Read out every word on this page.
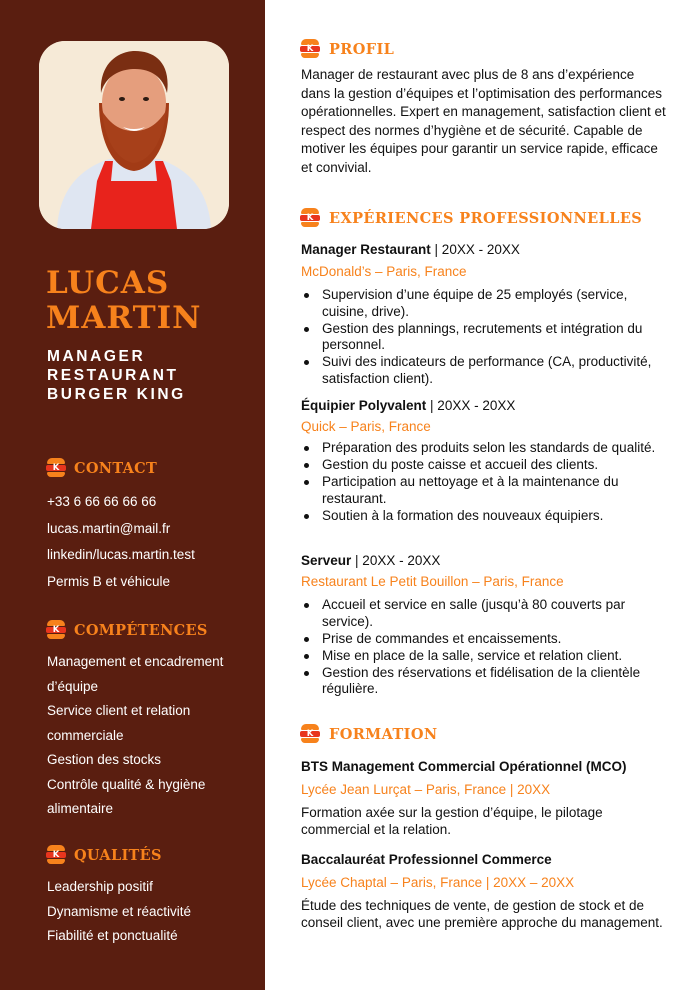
LUCAS
MARTIN
MANAGER
RESTAURANT
BURGER KING
K	CONTACT
+33 6 66 66 66 66
lucas.martin@mail.fr
linkedin/lucas.martin.test
Permis B et véhicule
K	COMPÉTENCES
Management et encadrement d’équipe
Service client et relation commerciale
Gestion des stocks
Contrôle qualité & hygiène alimentaire
K	QUALITÉS
Leadership positif
Dynamisme et réactivité
Fiabilité et ponctualité
K	PROFIL
Manager de restaurant avec plus de 8 ans d’expérience dans la gestion d’équipes et l’optimisation des performances opérationnelles. Expert en management, satisfaction client et respect des normes d’hygiène et de sécurité. Capable de motiver les équipes pour garantir un service rapide, efficace et convivial.
K	EXPÉRIENCES PROFESSIONNELLES
Manager Restaurant | 20XX - 20XX
McDonald’s – Paris, France
Supervision d’une équipe de 25 employés (service, cuisine, drive).
Gestion des plannings, recrutements et intégration du personnel.
Suivi des indicateurs de performance (CA, productivité, satisfaction client).
Équipier Polyvalent | 20XX - 20XX
Quick – Paris, France
Préparation des produits selon les standards de qualité.
Gestion du poste caisse et accueil des clients.
Participation au nettoyage et à la maintenance du restaurant.
Soutien à la formation des nouveaux équipiers.
Serveur | 20XX - 20XX
Restaurant Le Petit Bouillon – Paris, France
Accueil et service en salle (jusqu’à 80 couverts par service).
Prise de commandes et encaissements.
Mise en place de la salle, service et relation client.
Gestion des réservations et fidélisation de la clientèle régulière.
K	FORMATION
BTS Management Commercial Opérationnel (MCO)
Lycée Jean Lurçat – Paris, France | 20XX
Formation axée sur la gestion d’équipe, le pilotage commercial et la relation.
Baccalauréat Professionnel Commerce
Lycée Chaptal – Paris, France | 20XX – 20XX
Étude des techniques de vente, de gestion de stock et de conseil client, avec une première approche du management.
